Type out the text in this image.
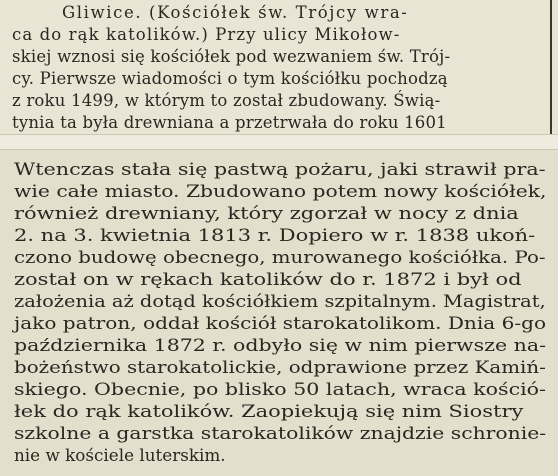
Gliwice. (Kościółek św. Trójcy wra-
ca do rąk katolików.) Przy ulicy Mikołow-
skiej wznosi się kościółek pod wezwaniem św. Trój-
cy. Pierwsze wiadomości o tym kościółku pochodzą
z roku 1499, w którym to został zbudowany. Świą-
tynia ta była drewniana a przetrwała do roku 1601
Wtenczas stała się pastwą pożaru, jaki strawił pra-
wie całe miasto. Zbudowano potem nowy kościółek,
również drewniany, który zgorzał w nocy z dnia
2. na 3. kwietnia 1813 r. Dopiero w r. 1838 ukoń-
czono budowę obecnego, murowanego kościółka. Po-
został on w rękach katolików do r. 1872 i był od
założenia aż dotąd kościółkiem szpitalnym. Magistrat,
jako patron, oddał kościół starokatolikom. Dnia 6-go
października 1872 r. odbyło się w nim pierwsze na-
bożeństwo starokatolickie, odprawione przez Kamiń-
skiego. Obecnie, po blisko 50 latach, wraca kośció-
łek do rąk katolików. Zaopiekują się nim Siostry
szkolne a garstka starokatolików znajdzie schronie-
nie w kościele luterskim.
